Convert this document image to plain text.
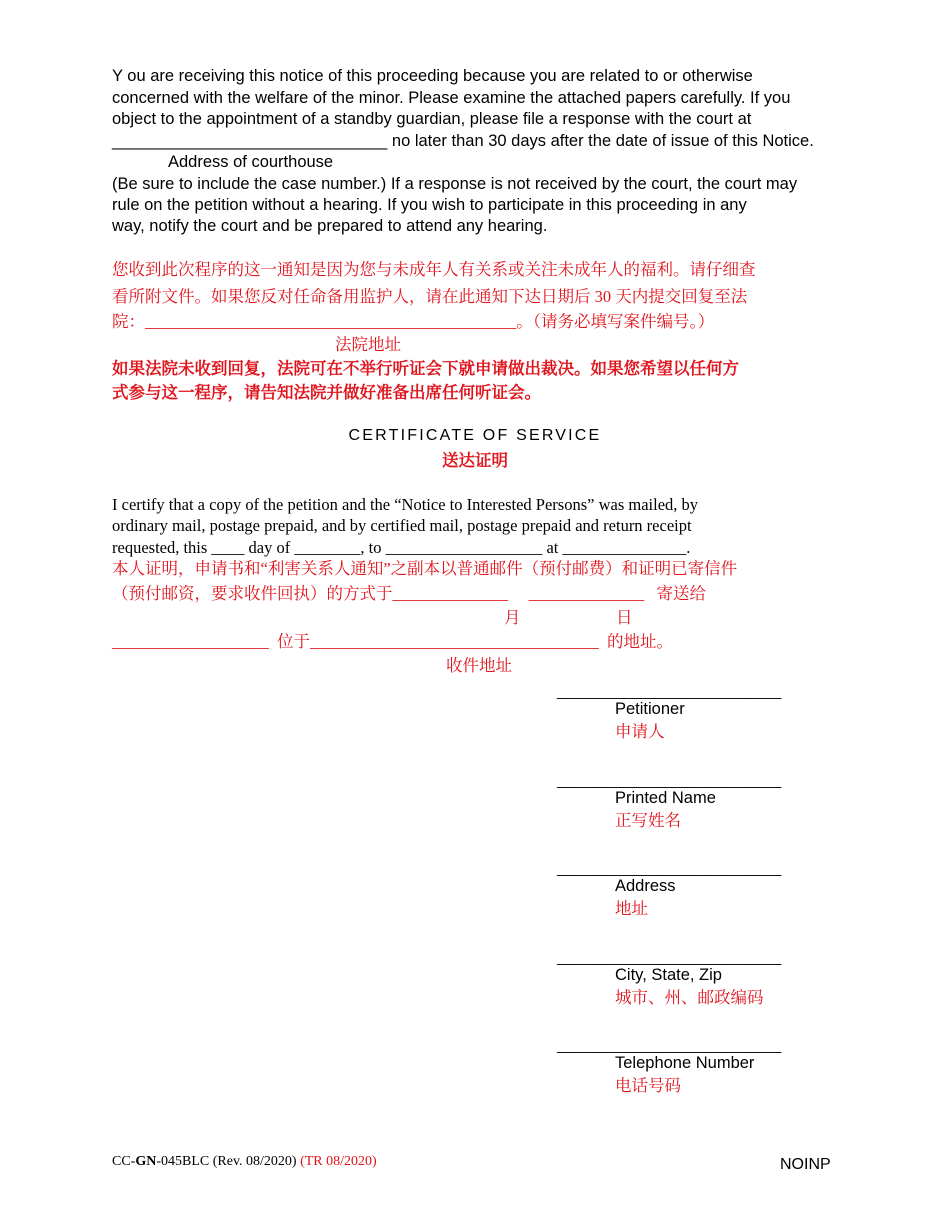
Y ou are receiving this notice of this proceeding because you are related to or otherwise
concerned with the welfare of the minor. Please examine the attached papers carefully. If you
object to the appointment of a standby guardian, please file a response with the court at
______________________________ no later than 30 days after the date of issue of this Notice.
Address of courthouse
(Be sure to include the case number.) If a response is not received by the court, the court may
rule on the petition without a hearing. If you wish to participate in this proceeding in any
way, notify the court and be prepared to attend any hearing.
您收到此次程序的这一通知是因为您与未成年人有关系或关注未成年人的福利。请仔细查
看所附文件。如果您反对任命备用监护人，请在此通知下达日期后 30 天内提交回复至法
院：_____________________________________________。（请务必填写案件编号。）
法院地址
如果法院未收到回复，法院可在不举行听证会下就申请做出裁决。如果您希望以任何方
式参与这一程序，请告知法院并做好准备出席任何听证会。
CERTIFICATE OF SERVICE
送达证明
I certify that a copy of the petition and the “Notice to Interested Persons” was mailed, by
ordinary mail, postage prepaid, and by certified mail, postage prepaid and return receipt
requested, this ____ day of ________, to ___________________ at _______________.
本人证明，申请书和“利害关系人通知”之副本以普通邮件（预付邮费）和证明已寄信件
（预付邮资，要求收件回执）的方式于______________ ______________ 寄送给
月	日
___________________ 位于___________________________________ 的地址。
收件地址
__________________________
Petitioner
申请人
__________________________
Printed Name
正写姓名
__________________________
Address
地址
__________________________
City, State, Zip
城市、州、邮政编码
__________________________
Telephone Number
电话号码
CC-GN-045BLC (Rev. 08/2020) (TR 08/2020)	NOINP
